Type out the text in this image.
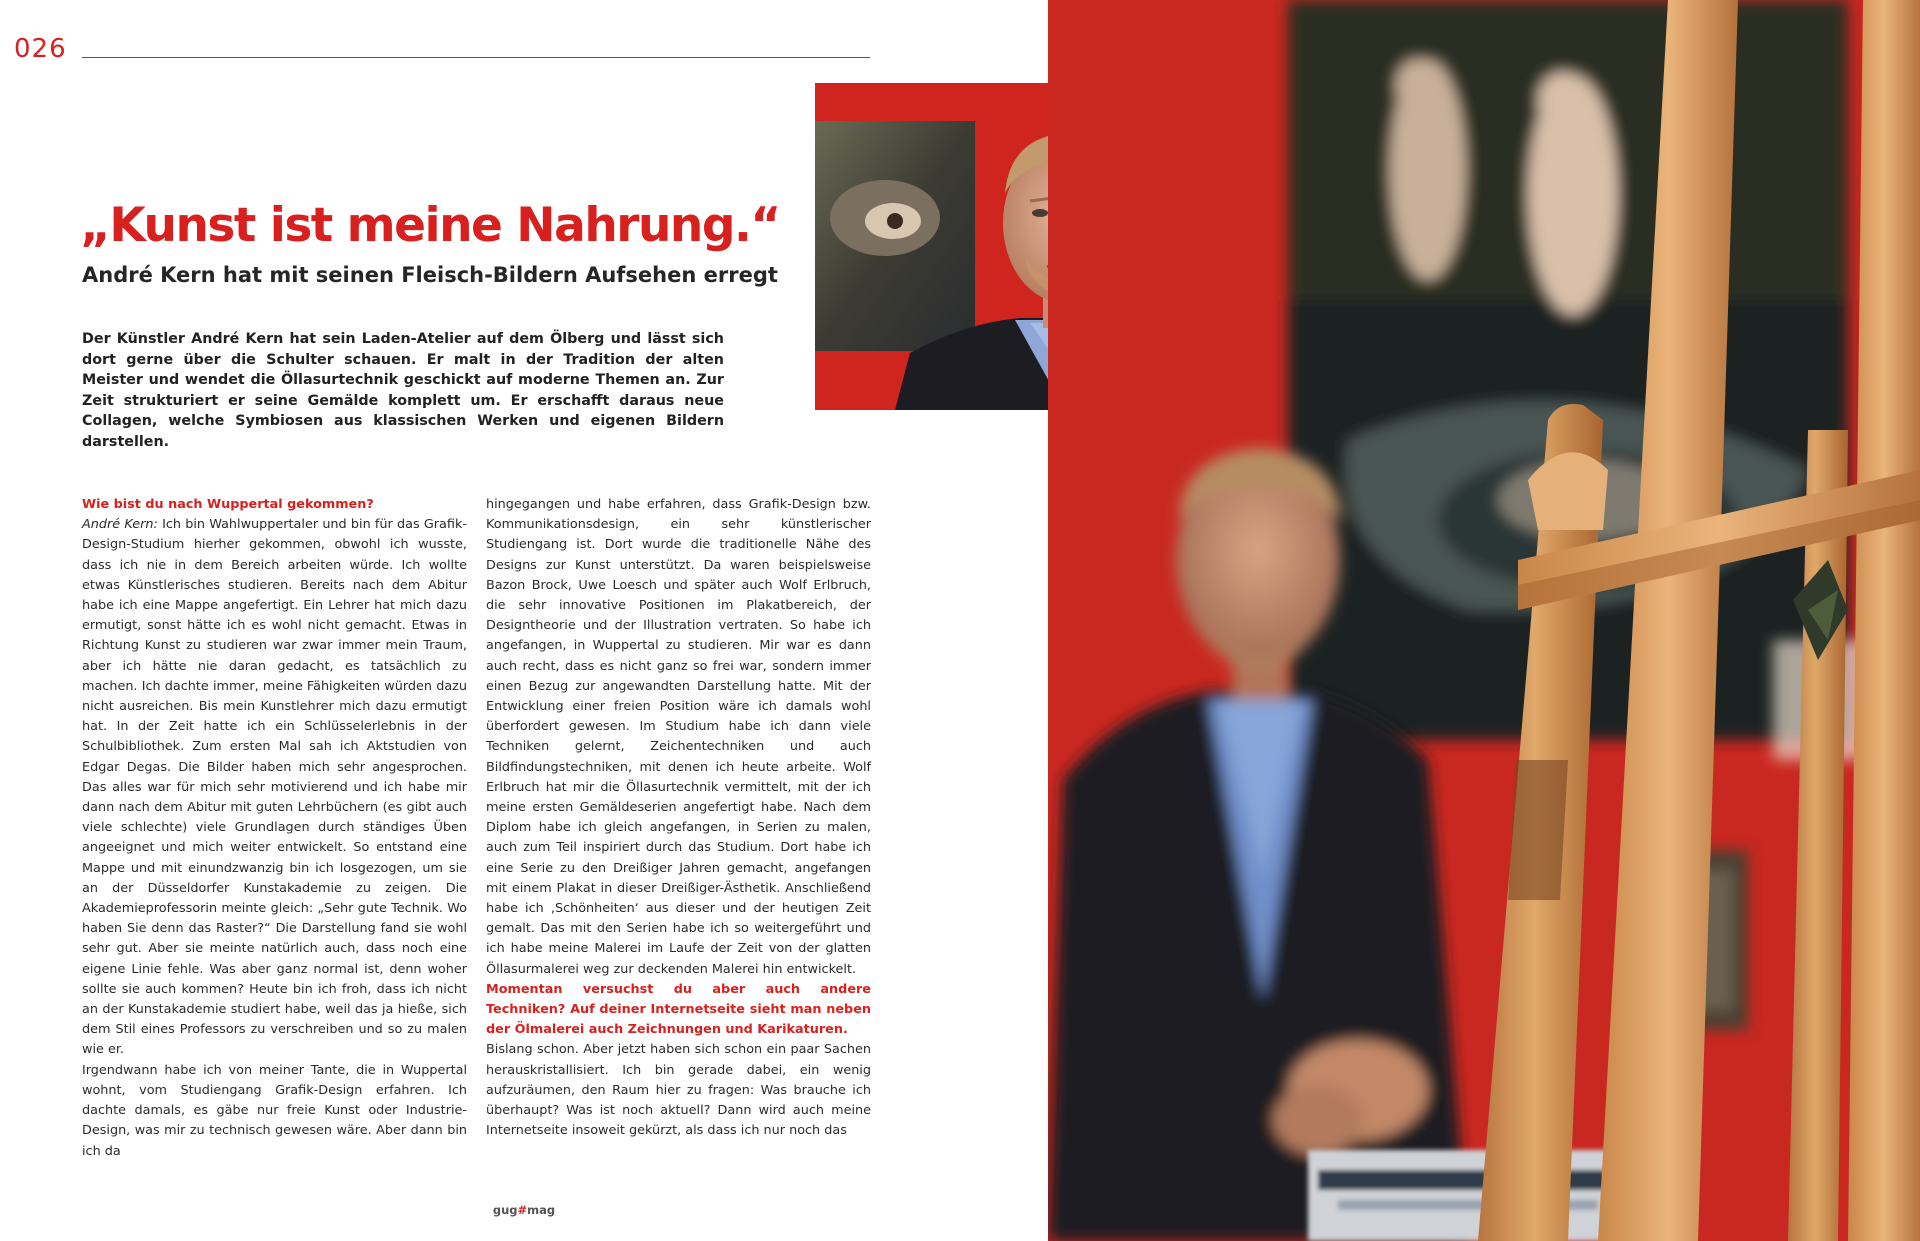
026
„Kunst ist meine Nahrung.“
André Kern hat mit seinen Fleisch-Bildern Aufsehen erregt

Der Künstler André Kern hat sein Laden-Atelier auf dem Ölberg und lässt sich dort gerne über die Schulter schauen. Er malt in der Tradition der alten Meister und wendet die Öllasurtechnik geschickt auf moderne Themen an. Zur Zeit strukturiert er seine Gemälde komplett um. Er erschafft daraus neue Collagen, welche Symbiosen aus klassischen Werken und eigenen Bildern darstellen.

Wie bist du nach Wuppertal gekommen?

André Kern: Ich bin Wahlwuppertaler und bin für das Grafik-Design-Studium hierher gekommen, obwohl ich wusste, dass ich nie in dem Bereich arbeiten würde. Ich wollte etwas Künstlerisches studieren. Bereits nach dem Abitur habe ich eine Mappe angefertigt. Ein Lehrer hat mich dazu ermutigt, sonst hätte ich es wohl nicht gemacht. Etwas in Richtung Kunst zu studieren war zwar immer mein Traum, aber ich hätte nie daran gedacht, es tatsächlich zu machen. Ich dachte immer, meine Fähigkeiten würden dazu nicht ausreichen. Bis mein Kunstlehrer mich dazu ermutigt hat. In der Zeit hatte ich ein Schlüsselerlebnis in der Schulbibliothek. Zum ersten Mal sah ich Aktstudien von Edgar Degas. Die Bilder haben mich sehr angesprochen. Das alles war für mich sehr motivierend und ich habe mir dann nach dem Abitur mit guten Lehrbüchern (es gibt auch viele schlechte) viele Grundlagen durch ständiges Üben angeeignet und mich weiter entwickelt. So entstand eine Mappe und mit einundzwanzig bin ich losgezogen, um sie an der Düsseldorfer Kunstakademie zu zeigen. Die Akademieprofessorin meinte gleich: „Sehr gute Technik. Wo haben Sie denn das Raster?“ Die Darstellung fand sie wohl sehr gut. Aber sie meinte natürlich auch, dass noch eine eigene Linie fehle. Was aber ganz normal ist, denn woher sollte sie auch kommen? Heute bin ich froh, dass ich nicht an der Kunstakademie studiert habe, weil das ja hieße, sich dem Stil eines Professors zu verschreiben und so zu malen wie er.

Irgendwann habe ich von meiner Tante, die in Wuppertal wohnt, vom Studiengang Grafik-Design erfahren. Ich dachte damals, es gäbe nur freie Kunst oder Industrie-Design, was mir zu technisch gewesen wäre. Aber dann bin ich da

hingegangen und habe erfahren, dass Grafik-Design bzw. Kommunikationsdesign, ein sehr künstlerischer Studiengang ist. Dort wurde die traditionelle Nähe des Designs zur Kunst unterstützt. Da waren beispielsweise Bazon Brock, Uwe Loesch und später auch Wolf Erlbruch, die sehr innovative Positionen im Plakatbereich, der Designtheorie und der Illustration vertraten. So habe ich angefangen, in Wuppertal zu studieren. Mir war es dann auch recht, dass es nicht ganz so frei war, sondern immer einen Bezug zur angewandten Darstellung hatte. Mit der Entwicklung einer freien Position wäre ich damals wohl überfordert gewesen. Im Studium habe ich dann viele Techniken gelernt, Zeichentechniken und auch Bildfindungstechniken, mit denen ich heute arbeite. Wolf Erlbruch hat mir die Öllasurtechnik vermittelt, mit der ich meine ersten Gemäldeserien angefertigt habe. Nach dem Diplom habe ich gleich angefangen, in Serien zu malen, auch zum Teil inspiriert durch das Studium. Dort habe ich eine Serie zu den Dreißiger Jahren gemacht, angefangen mit einem Plakat in dieser Dreißiger-Ästhetik. Anschließend habe ich ‚Schönheiten‘ aus dieser und der heutigen Zeit gemalt. Das mit den Serien habe ich so weitergeführt und ich habe meine Malerei im Laufe der Zeit von der glatten Öllasurmalerei weg zur deckenden Malerei hin entwickelt.

Momentan versuchst du aber auch andere Techniken? Auf deiner Internetseite sieht man neben der Ölmalerei auch Zeichnungen und Karikaturen.

Bislang schon. Aber jetzt haben sich schon ein paar Sachen herauskristallisiert. Ich bin gerade dabei, ein wenig aufzuräumen, den Raum hier zu fragen: Was brauche ich überhaupt? Was ist noch aktuell? Dann wird auch meine Internetseite insoweit gekürzt, als dass ich nur noch das

gug#mag
